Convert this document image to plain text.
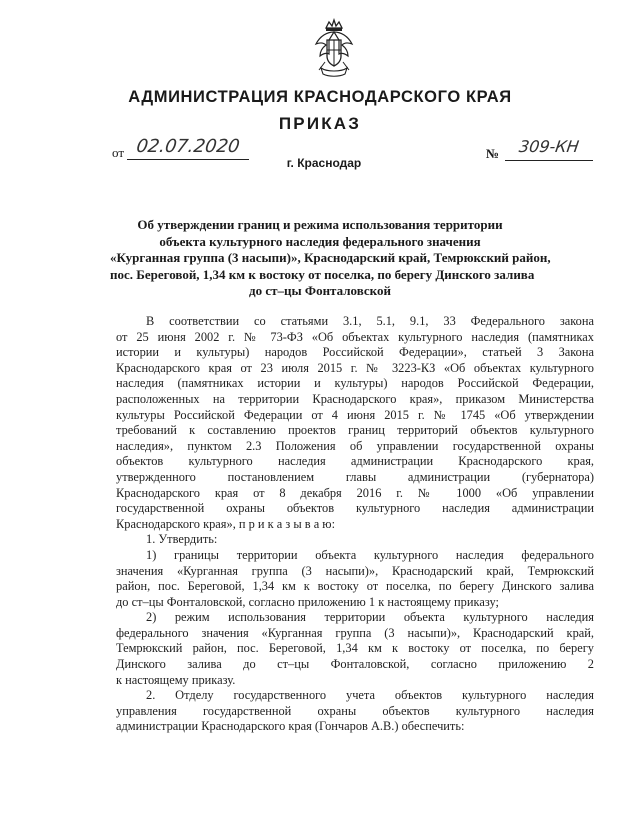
АДМИНИСТРАЦИЯ КРАСНОДАРСКОГО КРАЯ
ПРИКАЗ
от 02.07.2020	№	309-КН
г. Краснодар
Об утверждении границ и режима использования территории
объекта культурного наследия федерального значения
«Курганная группа (3 насыпи)», Краснодарский край, Темрюкский район,
пос. Береговой, 1,34 км к востоку от поселка, по берегу Динского залива
до ст–цы Фонталовской
В соответствии со статьями 3.1, 5.1, 9.1, 33 Федерального закона
от 25 июня 2002 г. № 73-ФЗ «Об объектах культурного наследия (памятниках
истории и культуры) народов Российской Федерации», статьей 3 Закона
Краснодарского края от 23 июля 2015 г. № 3223-КЗ «Об объектах культурного
наследия (памятниках истории и культуры) народов Российской Федерации,
расположенных на территории Краснодарского края», приказом Министерства
культуры Российской Федерации от 4 июня 2015 г. № 1745 «Об утверждении
требований к составлению проектов границ территорий объектов культурного
наследия», пунктом 2.3 Положения об управлении государственной охраны
объектов культурного наследия администрации Краснодарского края,
утвержденного постановлением главы администрации (губернатора)
Краснодарского края от 8 декабря 2016 г. № 1000 «Об управлении
государственной охраны объектов культурного наследия администрации
Краснодарского края», п р и к а з ы в а ю:
1. Утвердить:
1) границы территории объекта культурного наследия федерального
значения «Курганная группа (3 насыпи)», Краснодарский край, Темрюкский
район, пос. Береговой, 1,34 км к востоку от поселка, по берегу Динского залива
до ст–цы Фонталовской, согласно приложению 1 к настоящему приказу;
2) режим использования территории объекта культурного наследия
федерального значения «Курганная группа (3 насыпи)», Краснодарский край,
Темрюкский район, пос. Береговой, 1,34 км к востоку от поселка, по берегу
Динского залива до ст–цы Фонталовской, согласно приложению 2
к настоящему приказу.
2. Отделу государственного учета объектов культурного наследия
управления государственной охраны объектов культурного наследия
администрации Краснодарского края (Гончаров А.В.) обеспечить:
